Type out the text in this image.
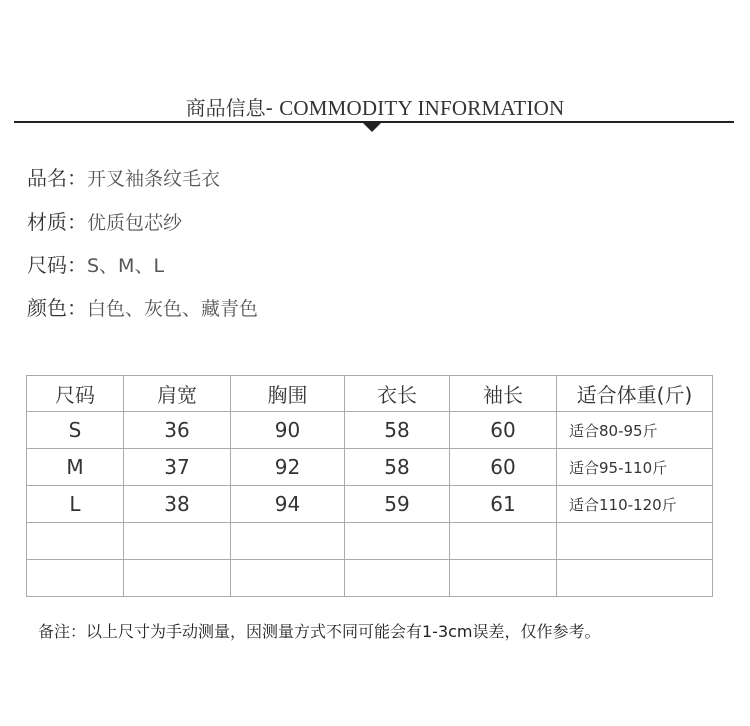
商品信息- COMMODITY INFORMATION
品名：开叉袖条纹毛衣
材质：优质包芯纱
尺码：S、M、L
颜色：白色、灰色、藏青色
尺码	肩宽	胸围	衣长	袖长	适合体重(斤)
S	36	90	58	60	适合80-95斤
M	37	92	58	60	适合95-110斤
L	38	94	59	61	适合110-120斤

备注：以上尺寸为手动测量，因测量方式不同可能会有1-3cm误差，仅作参考。
